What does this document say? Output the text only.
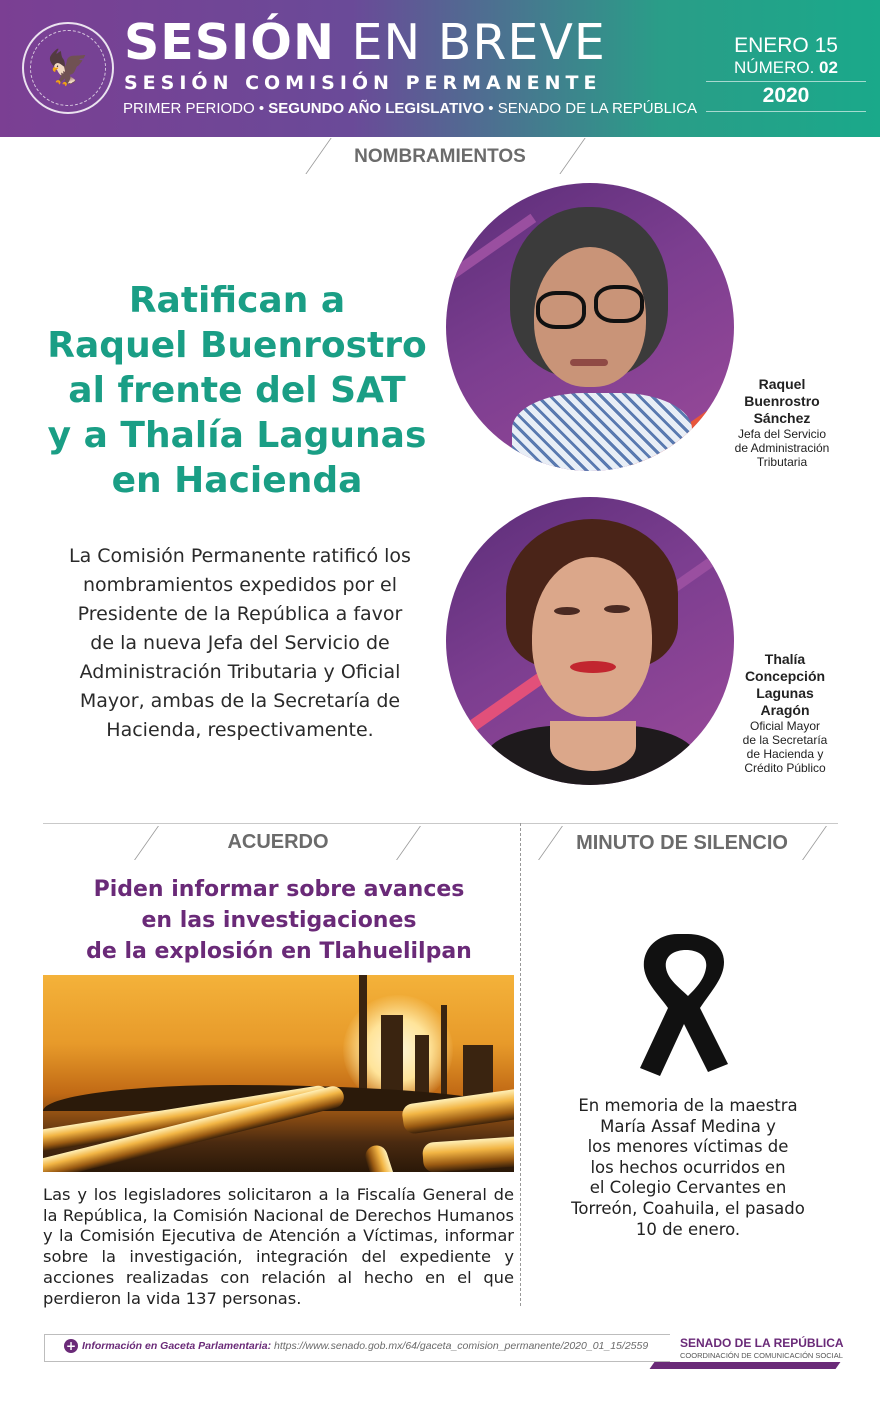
🦅 SESIÓN EN BREVE
SESIÓN COMISIÓN PERMANENTE
PRIMER PERIODO • SEGUNDO AÑO LEGISLATIVO • SENADO DE LA REPÚBLICA
ENERO 15
NÚMERO. 02
2020
NOMBRAMIENTOS
Ratifican a
Raquel Buenrostro
al frente del SAT
y a Thalía Lagunas
en Hacienda
La Comisión Permanente ratificó los
nombramientos expedidos por el
Presidente de la República a favor
de la nueva Jefa del Servicio de
Administración Tributaria y Oficial
Mayor, ambas de la Secretaría de
Hacienda, respectivamente.
Raquel
Buenrostro
Sánchez
Jefa del Servicio
de Administración
Tributaria
Thalía
Concepción
Lagunas
Aragón
Oficial Mayor
de la Secretaría
de Hacienda y
Crédito Público
ACUERDO	MINUTO DE SILENCIO
Piden informar sobre avances
en las investigaciones
de la explosión en Tlahuelilpan
Las y los legisladores solicitaron a la Fiscalía General de la República, la Comisión Nacional de Derechos Humanos y la Comisión Ejecutiva de Atención a Víctimas, informar sobre la investigación, integración del expediente y acciones realizadas con relación al hecho en el que perdieron la vida 137 personas.
En memoria de la maestra
María Assaf Medina y
los menores víctimas de
los hechos ocurridos en
el Colegio Cervantes en
Torreón, Coahuila, el pasado
10 de enero.
+ Información en Gaceta Parlamentaria: https://www.senado.gob.mx/64/gaceta_comision_permanente/2020_01_15/2559	SENADO DE LA REPÚBLICA
COORDINACIÓN DE COMUNICACIÓN SOCIAL
